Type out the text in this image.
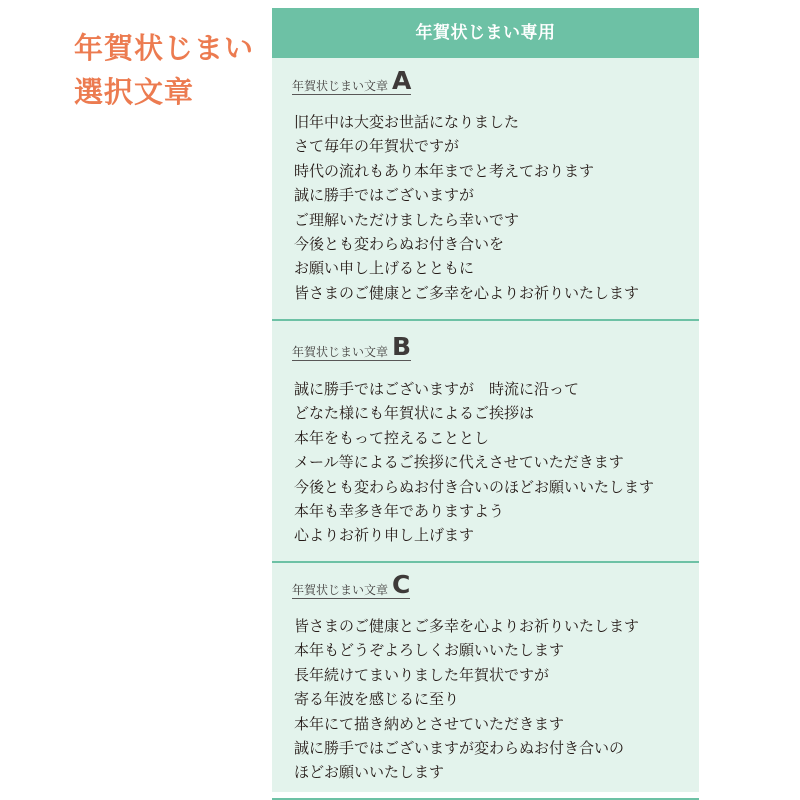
年賀状じまい
選択文章
年賀状じまい専用
年賀状じまい文章 A
旧年中は大変お世話になりました
さて毎年の年賀状ですが
時代の流れもあり本年までと考えております
誠に勝手ではございますが
ご理解いただけましたら幸いです
今後とも変わらぬお付き合いを
お願い申し上げるとともに
皆さまのご健康とご多幸を心よりお祈りいたします
年賀状じまい文章 B
誠に勝手ではございますが　時流に沿って
どなた様にも年賀状によるご挨拶は
本年をもって控えることとし
メール等によるご挨拶に代えさせていただきます
今後とも変わらぬお付き合いのほどお願いいたします
本年も幸多き年でありますよう
心よりお祈り申し上げます
年賀状じまい文章 C
皆さまのご健康とご多幸を心よりお祈りいたします
本年もどうぞよろしくお願いいたします
長年続けてまいりました年賀状ですが
寄る年波を感じるに至り
本年にて描き納めとさせていただきます
誠に勝手ではございますが変わらぬお付き合いの
ほどお願いいたします
